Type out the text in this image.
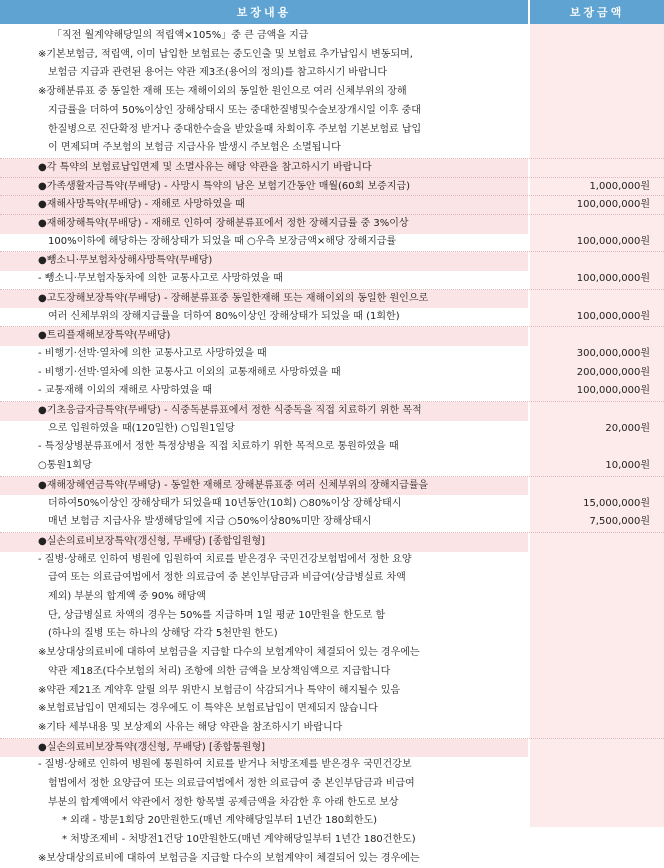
보장내용	보장금액
「직전 월계약해당일의 적립액×105%」중 큰 금액을 지급
※기본보험금, 적립액, 이미 납입한 보험료는 중도인출 및 보험료 추가납입시 변동되며,
보험금 지급과 관련된 용어는 약관 제3조(용어의 정의)를 참고하시기 바랍니다
※장해분류표 중 동일한 재해 또는 재해이외의 동일한 원인으로 여러 신체부위의 장해
지급률을 더하여 50%이상인 장해상태시 또는 중대한질병및수술보장개시일 이후 중대
한질병으로 진단확정 받거나 중대한수술을 받았을때 차회이후 주보험 기본보험료 납입
이 면제되며 주보험의 보험금 지급사유 발생시 주보험은 소멸됩니다
●각 특약의 보험료납입면제 및 소멸사유는 해당 약관을 참고하시기 바랍니다
●가족생활자금특약(무배당) - 사망시 특약의 남은 보험기간동안 매월(60회 보증지급)	1,000,000원
●재해사망특약(무배당) - 재해로 사망하였을 때	100,000,000원
●재해장해특약(무배당) - 재해로 인하여 장해분류표에서 정한 장해지급률 중 3%이상
100%이하에 해당하는 장해상태가 되었을 때 ○우측 보장금액×해당 장해지급률	100,000,000원
●뺑소니·무보험차상해사망특약(무배당)
- 뺑소니·무보험자동차에 의한 교통사고로 사망하였을 때	100,000,000원
●고도장해보장특약(무배당) - 장해분류표중 동일한재해 또는 재해이외의 동일한 원인으로
여러 신체부위의 장해지급률을 더하여 80%이상인 장해상태가 되었을 때 (1회한)	100,000,000원
●트리플재해보장특약(무배당)
- 비행기·선박·열차에 의한 교통사고로 사망하였을 때	300,000,000원
- 비행기·선박·열차에 의한 교통사고 이외의 교통재해로 사망하였을 때	200,000,000원
- 교통재해 이외의 재해로 사망하였을 때	100,000,000원
●기초응급자금특약(무배당) - 식중독분류표에서 정한 식중독을 직접 치료하기 위한 목적
으로 입원하였을 때(120일한) ○입원1일당	20,000원
- 특정상병분류표에서 정한 특정상병을 직접 치료하기 위한 목적으로 통원하였을 때
○통원1회당	10,000원
●재해장해연금특약(무배당) - 동일한 재해로 장해분류표중 여러 신체부위의 장해지급률을
더하여50%이상인 장해상태가 되었을때 10년동안(10회) ○80%이상 장해상태시	15,000,000원
매년 보험금 지급사유 발생해당일에 지급 ○50%이상80%미만 장해상태시	7,500,000원
●실손의료비보장특약(갱신형, 무배당) [종합입원형]
- 질병·상해로 인하여 병원에 입원하여 치료를 받은경우 국민건강보험법에서 정한 요양
급여 또는 의료급여법에서 정한 의료급여 중 본인부담금과 비급여(상급병실료 차액
제외) 부분의 합계액 중 90% 해당액
단, 상급병실료 차액의 경우는 50%를 지급하며 1일 평균 10만원을 한도로 함
(하나의 질병 또는 하나의 상해당 각각 5천만원 한도)
※보상대상의료비에 대하여 보험금을 지급할 다수의 보험계약이 체결되어 있는 경우에는
약관 제18조(다수보험의 처리) 조항에 의한 금액을 보상책임액으로 지급합니다
※약관 제21조 계약후 알릴 의무 위반시 보험금이 삭감되거나 특약이 해지될수 있음
※보험료납입이 면제되는 경우에도 이 특약은 보험료납입이 면제되지 않습니다
※기타 세부내용 및 보상제외 사유는 해당 약관을 참조하시기 바랍니다
●실손의료비보장특약(갱신형, 무배당) [종합통원형]
- 질병·상해로 인하여 병원에 통원하여 치료를 받거나 처방조제를 받은경우 국민건강보
험법에서 정한 요양급여 또는 의료급여법에서 정한 의료급여 중 본인부담금과 비급여
부분의 합계액에서 약관에서 정한 항목별 공제금액을 차감한 후 아래 한도로 보상
* 외래 - 방문1회당 20만원한도(매년 계약해당일부터 1년간 180회한도)
* 처방조제비 - 처방전1건당 10만원한도(매년 계약해당일부터 1년간 180건한도)
※보상대상의료비에 대하여 보험금을 지급할 다수의 보험계약이 체결되어 있는 경우에는
